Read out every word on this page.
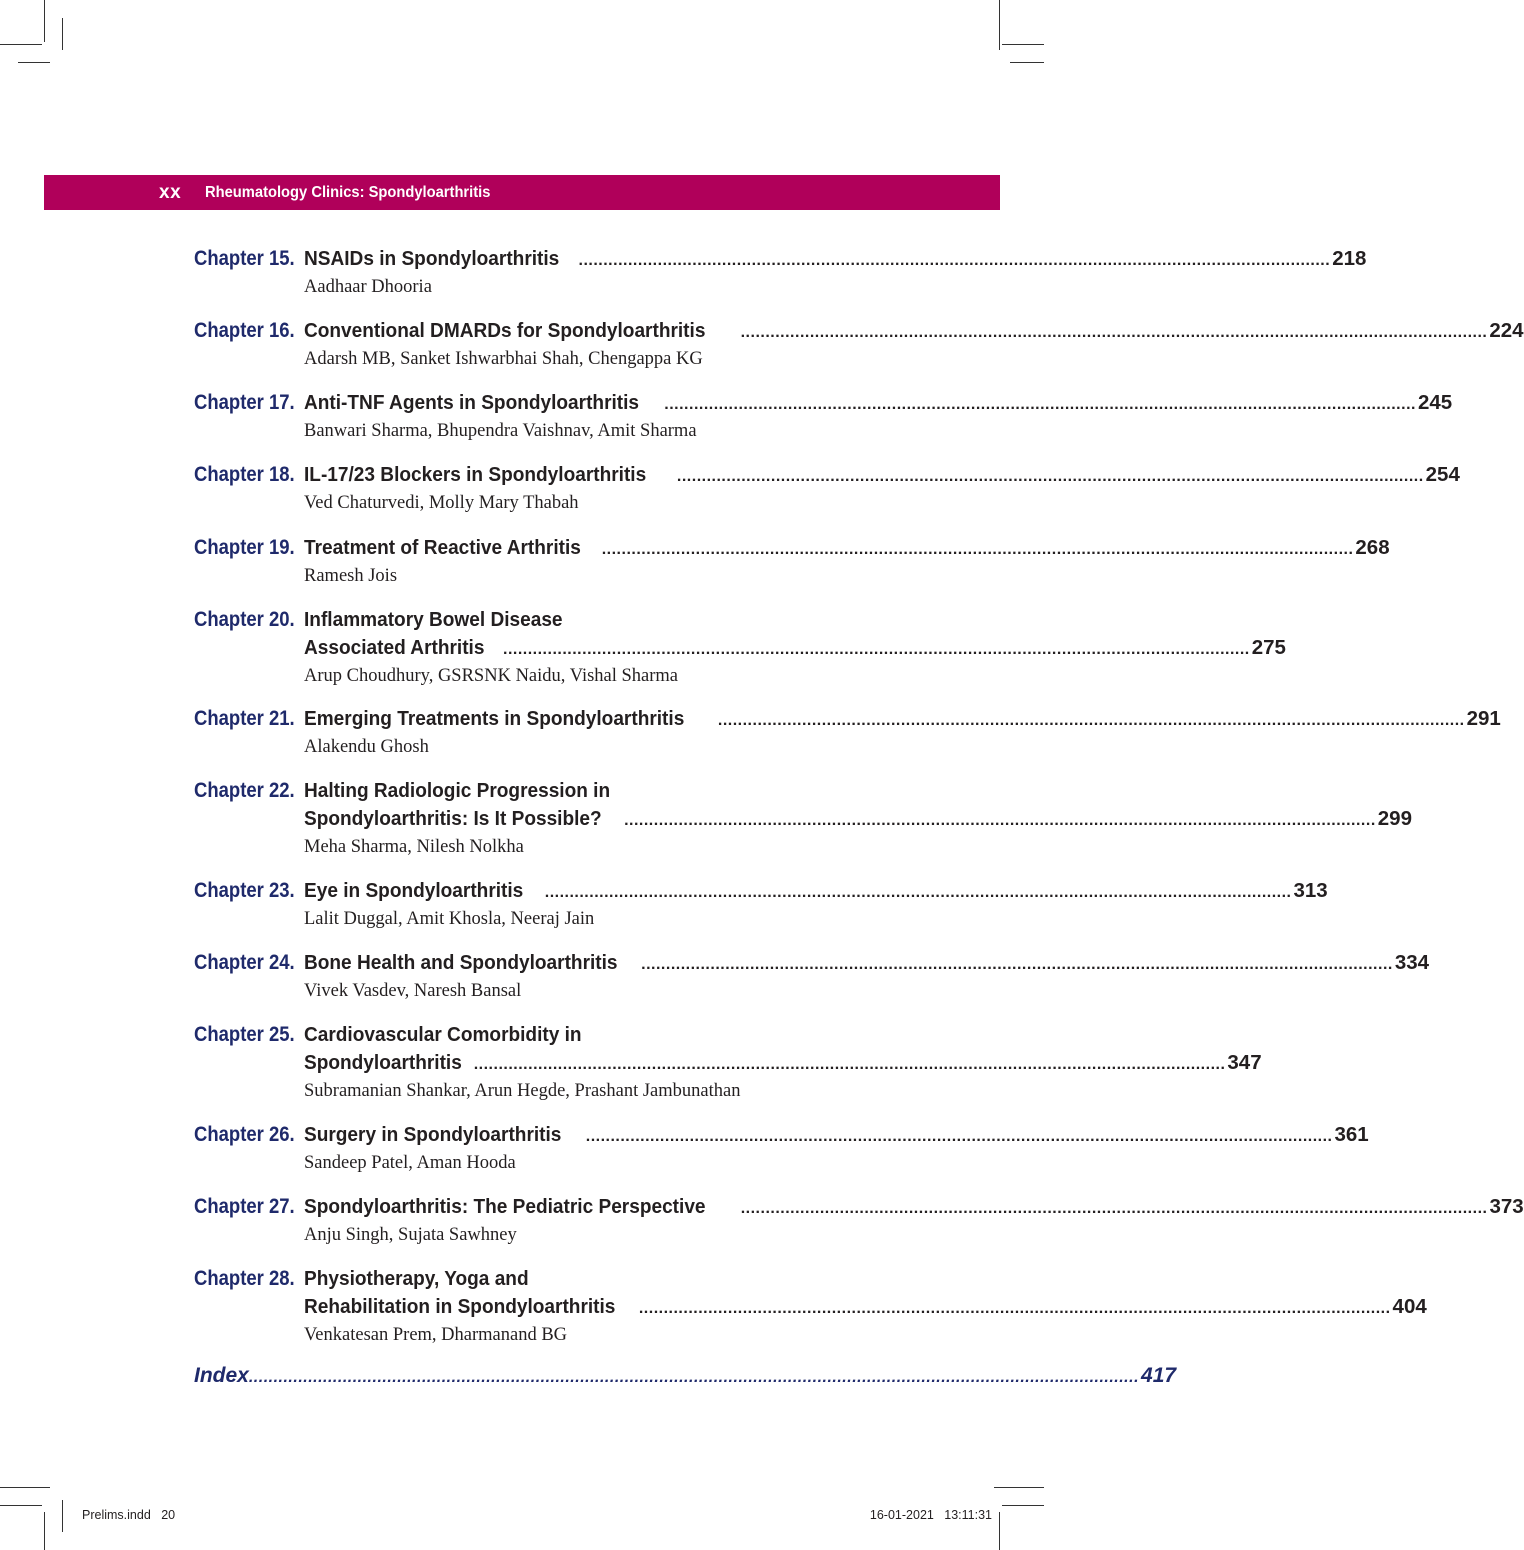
xx	Rheumatology Clinics: Spondyloarthritis
Chapter 15. NSAIDs in Spondyloarthritis ........................................................................................................................................................ 218
Aadhaar Dhooria
Chapter 16. Conventional DMARDs for Spondyloarthritis ....................................................................................................................................................... 224
Adarsh MB, Sanket Ishwarbhai Shah, Chengappa KG
Chapter 17. Anti-TNF Agents in Spondyloarthritis ........................................................................................................................................................ 245
Banwari Sharma, Bhupendra Vaishnav, Amit Sharma
Chapter 18. IL-17/23 Blockers in Spondyloarthritis ....................................................................................................................................................... 254
Ved Chaturvedi, Molly Mary Thabah
Chapter 19. Treatment of Reactive Arthritis ........................................................................................................................................................ 268
Ramesh Jois
Chapter 20. Inflammatory Bowel Disease
Associated Arthritis ....................................................................................................................................................... 275
Arup Choudhury, GSRSNK Naidu, Vishal Sharma
Chapter 21. Emerging Treatments in Spondyloarthritis ....................................................................................................................................................... 291
Alakendu Ghosh
Chapter 22. Halting Radiologic Progression in
Spondyloarthritis: Is It Possible? ........................................................................................................................................................ 299
Meha Sharma, Nilesh Nolkha
Chapter 23. Eye in Spondyloarthritis ....................................................................................................................................................... 313
Lalit Duggal, Amit Khosla, Neeraj Jain
Chapter 24. Bone Health and Spondyloarthritis ........................................................................................................................................................ 334
Vivek Vasdev, Naresh Bansal
Chapter 25. Cardiovascular Comorbidity in
Spondyloarthritis ........................................................................................................................................................ 347
Subramanian Shankar, Arun Hegde, Prashant Jambunathan
Chapter 26. Surgery in Spondyloarthritis ....................................................................................................................................................... 361
Sandeep Patel, Aman Hooda
Chapter 27. Spondyloarthritis: The Pediatric Perspective ....................................................................................................................................................... 373
Anju Singh, Sujata Sawhney
Chapter 28. Physiotherapy, Yoga and
Rehabilitation in Spondyloarthritis ........................................................................................................................................................ 404
Venkatesan Prem, Dharmanand BG
Index .................................................................................................................................................................................... 417
Prelims.indd   20	16-01-2021   13:11:31
